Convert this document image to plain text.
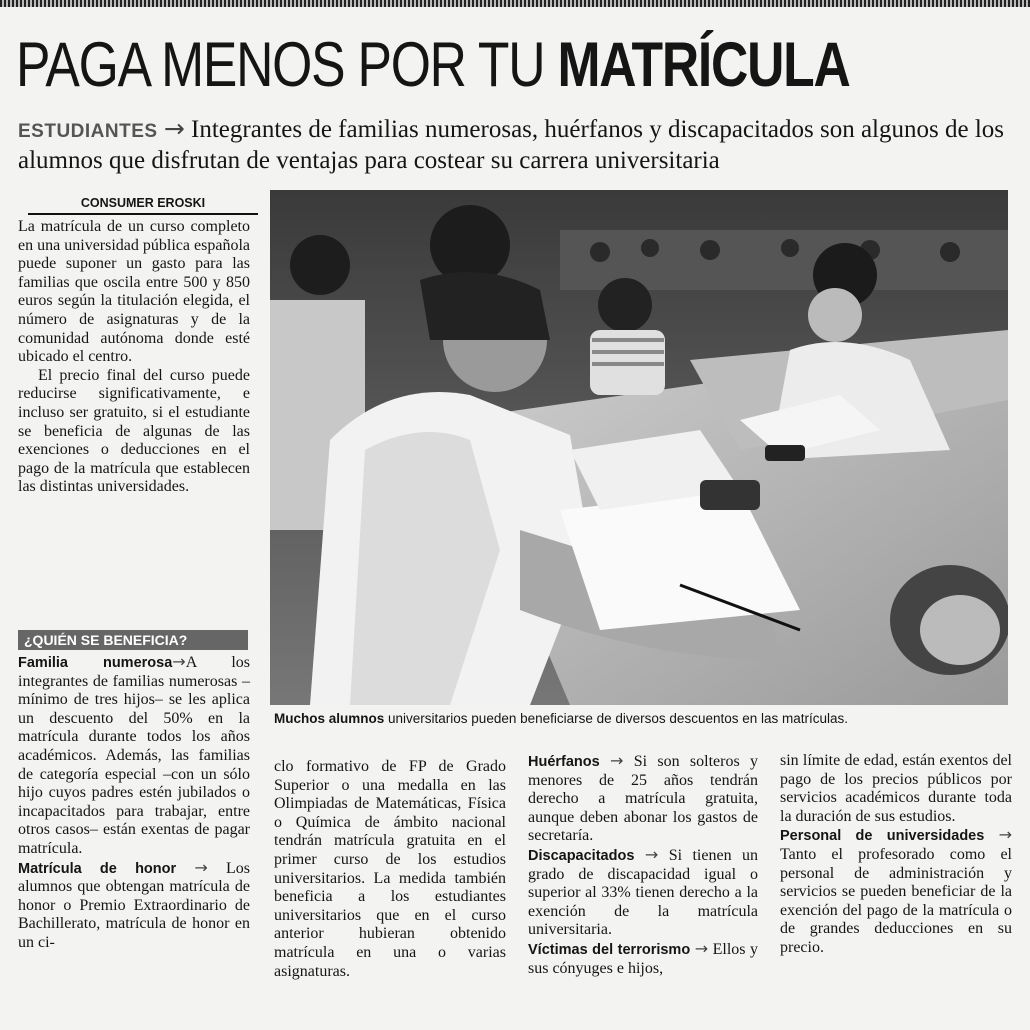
PAGA MENOS POR TU MATRÍCULA
ESTUDIANTES → Integrantes de familias numerosas, huérfanos y discapacitados son algunos de los alumnos que disfrutan de ventajas para costear su carrera universitaria
CONSUMER EROSKI

La matrícula de un curso completo en una universidad pública española puede suponer un gasto para las familias que oscila entre 500 y 850 euros según la titulación elegida, el número de asignaturas y de la comunidad autónoma donde esté ubicado el centro.

El precio final del curso puede reducirse significativamente, e incluso ser gratuito, si el estudiante se beneficia de algunas de las exenciones o deducciones en el pago de la matrícula que establecen las distintas universidades.

¿QUIÉN SE BENEFICIA?

Familia numerosa→A los integrantes de familias numerosas –mínimo de tres hijos– se les aplica un descuento del 50% en la matrícula durante todos los años académicos. Además, las familias de categoría especial –con un sólo hijo cuyos padres estén jubilados o incapacitados para trabajar, entre otros casos– están exentas de pagar matrícula.

Matrícula de honor → Los alumnos que obtengan matrícula de honor o Premio Extraordinario de Bachillerato, matrícula de honor en un ci-

Muchos alumnos universitarios pueden beneficiarse de diversos descuentos en las matrículas.

clo formativo de FP de Grado Superior o una medalla en las Olimpiadas de Matemáticas, Física o Química de ámbito nacional tendrán matrícula gratuita en el primer curso de los estudios universitarios. La medida también beneficia a los estudiantes universitarios que en el curso anterior hubieran obtenido matrícula en una o varias asignaturas.

Huérfanos → Si son solteros y menores de 25 años tendrán derecho a matrícula gratuita, aunque deben abonar los gastos de secretaría.

Discapacitados → Si tienen un grado de discapacidad igual o superior al 33% tienen derecho a la exención de la matrícula universitaria.

Víctimas del terrorismo → Ellos y sus cónyuges e hijos,

sin límite de edad, están exentos del pago de los precios públicos por servicios académicos durante toda la duración de sus estudios.

Personal de universidades → Tanto el profesorado como el personal de administración y servicios se pueden beneficiar de la exención del pago de la matrícula o de grandes deducciones en su precio.
